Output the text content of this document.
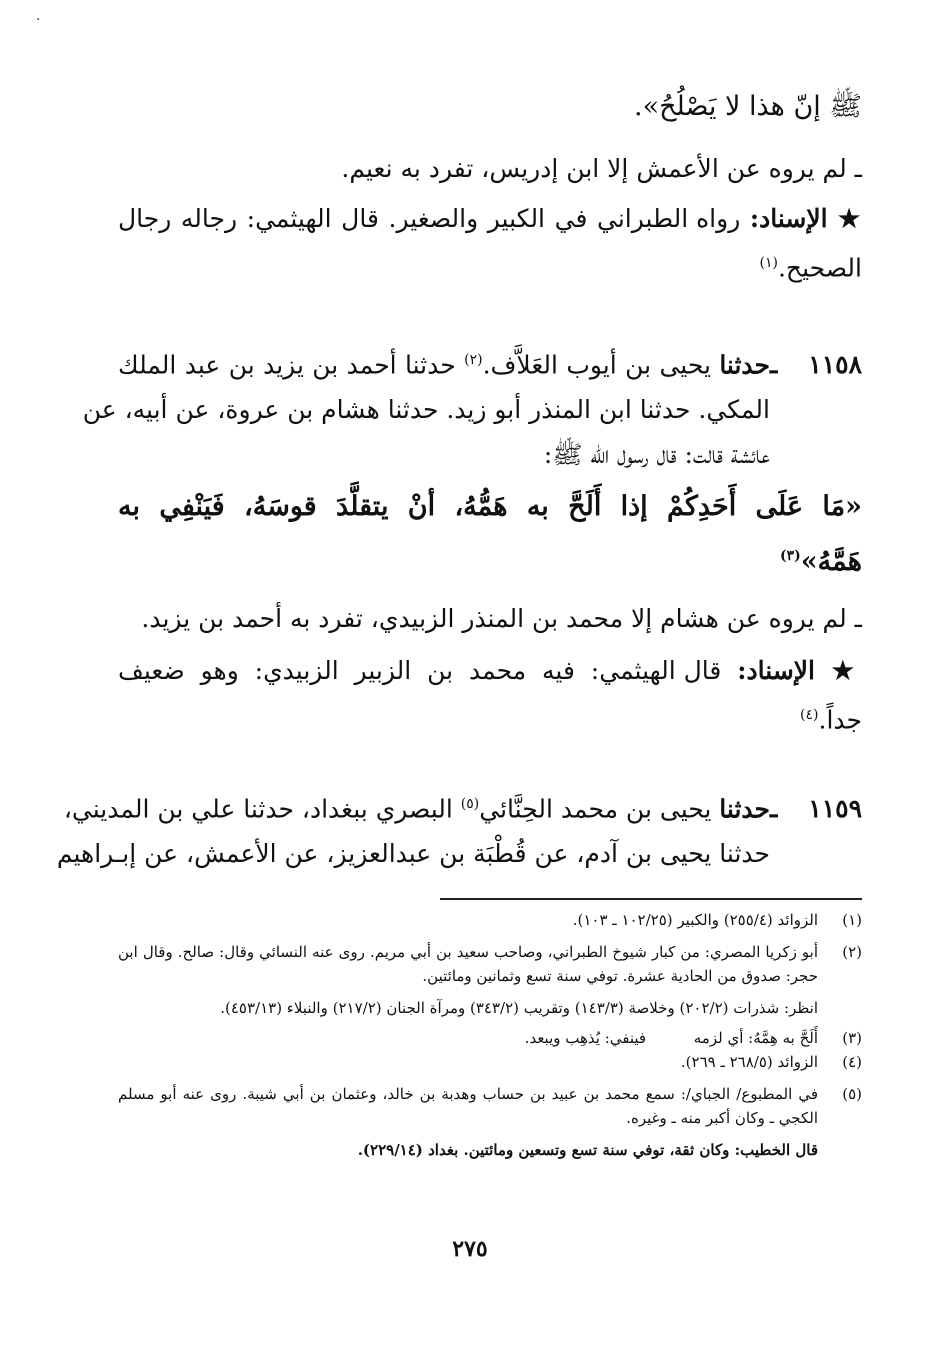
·
ﷺ إنّ هذا لا يَصْلُحُ».
ـ لم يروه عن الأعمش إلا ابن إدريس، تفرد به نعيم.
★ الإسناد: رواه الطبراني في الكبير والصغير. قال الهيثمي: رجاله رجال
الصحيح.$^{(١)}$
١١٥٨ ـحدثنا يحيى بن أيوب العَلاَّف.$^{(٢)}$ حدثنا أحمد بن يزيد بن عبد الملك
المكي. حدثنا ابن المنذر أبو زيد. حدثنا هشام بن عروة، عن أبيه، عن
عائشة قالت: قال رسول الله ﷺ:
«مَا عَلَى أَحَدِكُمْ إذا أَلَحَّ به هَمُّهُ، أنْ يتقلَّدَ قوسَهُ، فَيَنْفِي به
هَمَّهُ»$^{(٣)}$
ـ لم يروه عن هشام إلا محمد بن المنذر الزبيدي، تفرد به أحمد بن يزيد.
★ الإسناد: قال الهيثمي: فيه محمد بن الزبير الزبيدي: وهو ضعيف
جداً.$^{(٤)}$
١١٥٩ ـحدثنا يحيى بن محمد الحِنَّائي$^{(٥)}$ البصري ببغداد، حدثنا علي بن المديني،
حدثنا يحيى بن آدم، عن قُطْبَة بن عبدالعزيز، عن الأعمش، عن إبـراهيم
(١)
الزوائد (٢٥٥/٤) والكبير (١٠٢/٢٥ ـ ١٠٣).
(٢)
أبو زكريا المصري: من كبار شيوخ الطبراني، وصاحب سعيد بن أبي مريم. روى عنه النسائي وقال: صالح. وقال ابن حجر: صدوق من الحادية عشرة. توفي سنة تسع وثمانين ومائتين.
انظر: شذرات (٢٠٢/٢) وخلاصة (١٤٣/٣) وتقريب (٣٤٣/٢) ومرآة الجنان (٢١٧/٢) والنبلاء (٤٥٣/١٣).
(٣)
أَلَحَّ به هِمَّهُ: أي لزمه          فينفي: يُذهِب ويبعد.
(٤)
الزوائد (٢٦٨/٥ ـ ٢٦٩).
(٥)
في المطبوع/ الجباي/: سمع محمد بن عبيد بن حساب وهدبة بن خالد، وعثمان بن أبي شيبة. روى عنه أبو مسلم الكجي ـ وكان أكبر منه ـ وغيره.
قال الخطيب: وكان ثقة، توفي سنة تسع وتسعين ومائتين. بغداد (٢٢٩/١٤).
٢٧٥
